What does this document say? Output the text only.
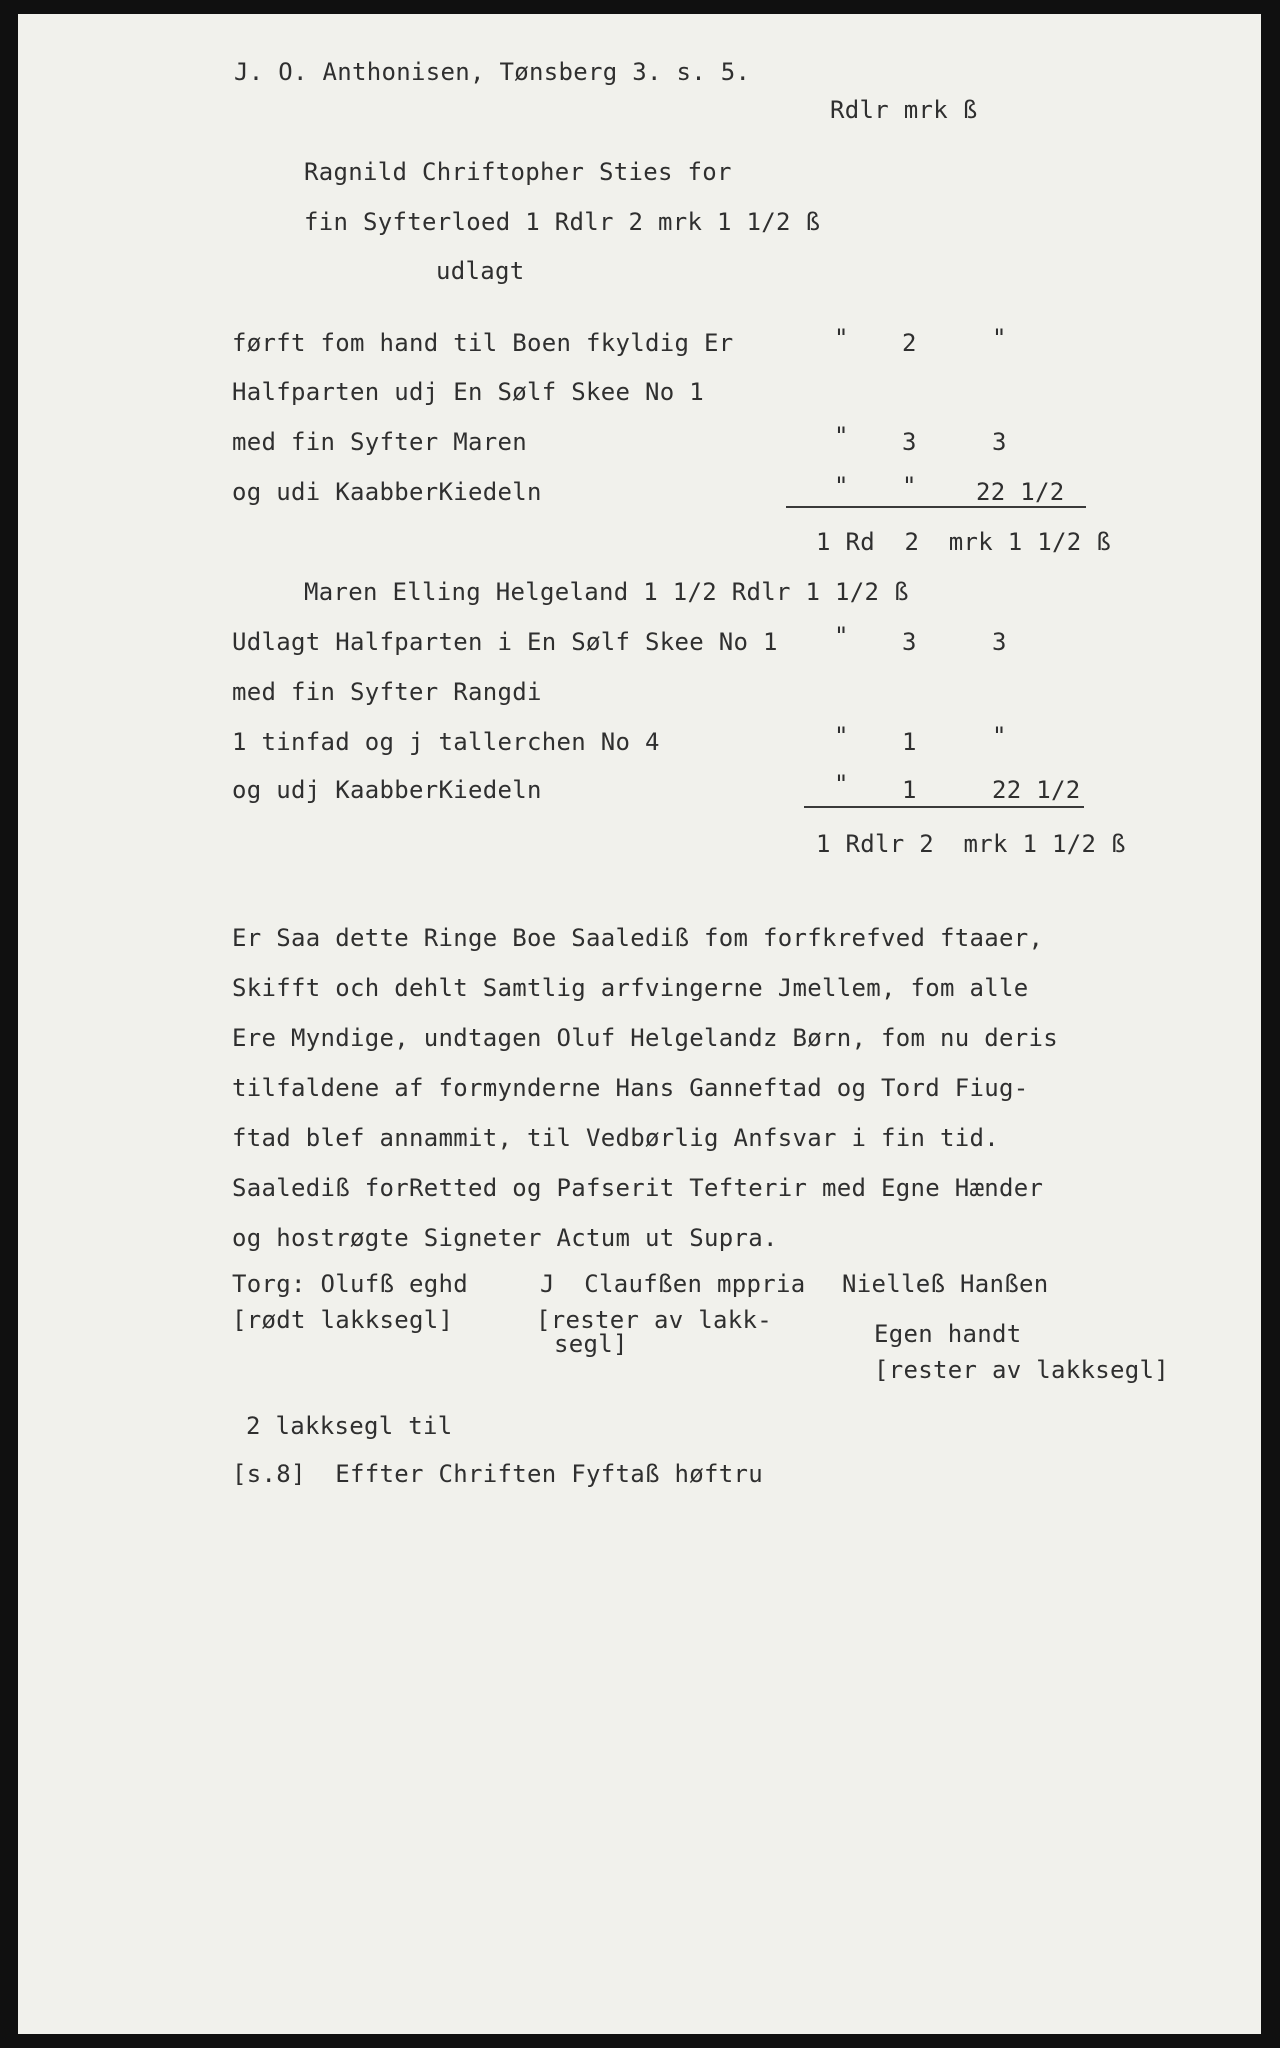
J. O. Anthonisen, Tønsberg 3. s. 5.
Rdlr mrk ß
Ragnild Chriftopher Sties for
fin Syfterloed 1 Rdlr 2 mrk 1 1/2 ß
udlagt
førft fom hand til Boen fkyldig Er	" 2	"
Halfparten udj En Sølf Skee No 1
med fin Syfter Maren	" 3	3
og udi KaabberKiedeln	" " 22 1/2
1 Rd  2  mrk 1 1/2 ß
Maren Elling Helgeland 1 1/2 Rdlr 1 1/2 ß
Udlagt Halfparten i En Sølf Skee No 1 " 3	3
med fin Syfter Rangdi
1 tinfad og j tallerchen No 4	" 1	"
og udj KaabberKiedeln	" 1	22 1/2
1 Rdlr 2  mrk 1 1/2 ß
Er Saa dette Ringe Boe Saalediß fom forfkrefved ftaaer,
Skifft och dehlt Samtlig arfvingerne Jmellem, fom alle
Ere Myndige, undtagen Oluf Helgelandz Børn, fom nu deris
tilfaldene af formynderne Hans Ganneftad og Tord Fiug-
ftad blef annammit, til Vedbørlig Anfsvar i fin tid.
Saalediß forRetted og Pafserit Tefterir med Egne Hænder
og hostrøgte Signeter Actum ut Supra.
Torg: Olufß eghd
[rødt lakksegl]
J  Claufßen mppria
[rester av lakk-
segl]
Nielleß Hanßen
Egen handt
[rester av lakksegl]
2 lakksegl til
[s.8]  Effter Chriften Fyftaß høftru
